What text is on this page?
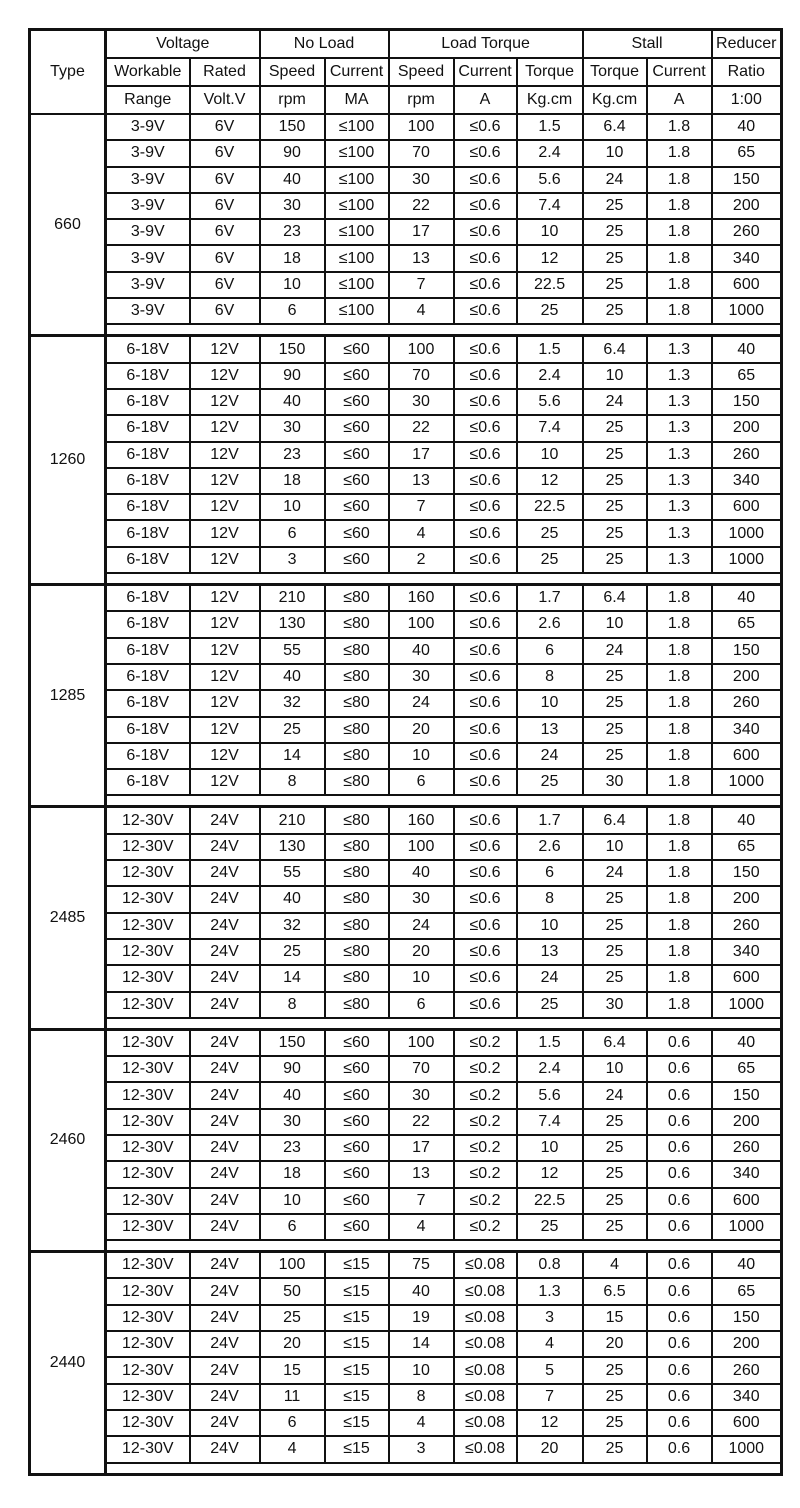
Type	Voltage		No Load		Load Torque			Stall		Reducer
	Workable	Rated	Speed	Current	Speed	Current	Torque	Torque	Current	Ratio
	Range	Volt.V	rpm	MA	rpm	A	Kg.cm	Kg.cm	A	1:00
660	3-9V	6V	150	≤100	100	≤0.6	1.5	6.4	1.8	40
	3-9V	6V	90	≤100	70	≤0.6	2.4	10	1.8	65
	3-9V	6V	40	≤100	30	≤0.6	5.6	24	1.8	150
	3-9V	6V	30	≤100	22	≤0.6	7.4	25	1.8	200
	3-9V	6V	23	≤100	17	≤0.6	10	25	1.8	260
	3-9V	6V	18	≤100	13	≤0.6	12	25	1.8	340
	3-9V	6V	10	≤100	7	≤0.6	22.5	25	1.8	600
	3-9V	6V	6	≤100	4	≤0.6	25	25	1.8	1000

1260	6-18V	12V	150	≤60	100	≤0.6	1.5	6.4	1.3	40
	6-18V	12V	90	≤60	70	≤0.6	2.4	10	1.3	65
	6-18V	12V	40	≤60	30	≤0.6	5.6	24	1.3	150
	6-18V	12V	30	≤60	22	≤0.6	7.4	25	1.3	200
	6-18V	12V	23	≤60	17	≤0.6	10	25	1.3	260
	6-18V	12V	18	≤60	13	≤0.6	12	25	1.3	340
	6-18V	12V	10	≤60	7	≤0.6	22.5	25	1.3	600
	6-18V	12V	6	≤60	4	≤0.6	25	25	1.3	1000
	6-18V	12V	3	≤60	2	≤0.6	25	25	1.3	1000

1285	6-18V	12V	210	≤80	160	≤0.6	1.7	6.4	1.8	40
	6-18V	12V	130	≤80	100	≤0.6	2.6	10	1.8	65
	6-18V	12V	55	≤80	40	≤0.6	6	24	1.8	150
	6-18V	12V	40	≤80	30	≤0.6	8	25	1.8	200
	6-18V	12V	32	≤80	24	≤0.6	10	25	1.8	260
	6-18V	12V	25	≤80	20	≤0.6	13	25	1.8	340
	6-18V	12V	14	≤80	10	≤0.6	24	25	1.8	600
	6-18V	12V	8	≤80	6	≤0.6	25	30	1.8	1000

2485	12-30V	24V	210	≤80	160	≤0.6	1.7	6.4	1.8	40
	12-30V	24V	130	≤80	100	≤0.6	2.6	10	1.8	65
	12-30V	24V	55	≤80	40	≤0.6	6	24	1.8	150
	12-30V	24V	40	≤80	30	≤0.6	8	25	1.8	200
	12-30V	24V	32	≤80	24	≤0.6	10	25	1.8	260
	12-30V	24V	25	≤80	20	≤0.6	13	25	1.8	340
	12-30V	24V	14	≤80	10	≤0.6	24	25	1.8	600
	12-30V	24V	8	≤80	6	≤0.6	25	30	1.8	1000

2460	12-30V	24V	150	≤60	100	≤0.2	1.5	6.4	0.6	40
	12-30V	24V	90	≤60	70	≤0.2	2.4	10	0.6	65
	12-30V	24V	40	≤60	30	≤0.2	5.6	24	0.6	150
	12-30V	24V	30	≤60	22	≤0.2	7.4	25	0.6	200
	12-30V	24V	23	≤60	17	≤0.2	10	25	0.6	260
	12-30V	24V	18	≤60	13	≤0.2	12	25	0.6	340
	12-30V	24V	10	≤60	7	≤0.2	22.5	25	0.6	600
	12-30V	24V	6	≤60	4	≤0.2	25	25	0.6	1000

2440	12-30V	24V	100	≤15	75	≤0.08	0.8	4	0.6	40
	12-30V	24V	50	≤15	40	≤0.08	1.3	6.5	0.6	65
	12-30V	24V	25	≤15	19	≤0.08	3	15	0.6	150
	12-30V	24V	20	≤15	14	≤0.08	4	20	0.6	200
	12-30V	24V	15	≤15	10	≤0.08	5	25	0.6	260
	12-30V	24V	11	≤15	8	≤0.08	7	25	0.6	340
	12-30V	24V	6	≤15	4	≤0.08	12	25	0.6	600
	12-30V	24V	4	≤15	3	≤0.08	20	25	0.6	1000
